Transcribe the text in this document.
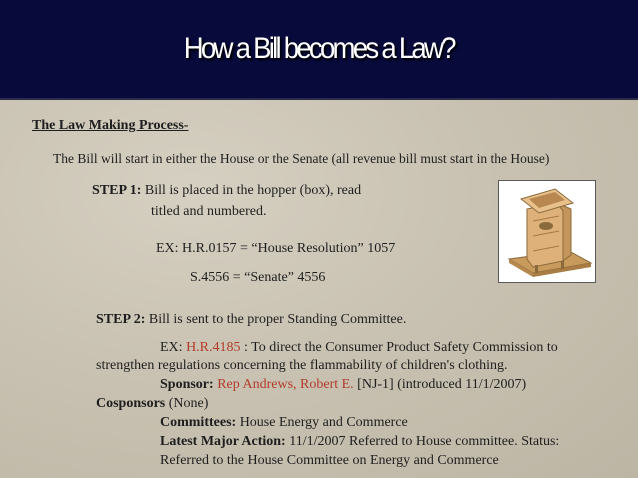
How a Bill becomes a Law?
The Law Making Process-
The Bill will start in either the House or the Senate (all revenue bill must start in the House)
STEP 1: Bill is placed in the hopper (box), read
titled and numbered.
EX: H.R.0157 = “House Resolution” 1057
S.4556 = “Senate” 4556
STEP 2: Bill is sent to the proper Standing Committee.
EX: H.R.4185 : To direct the Consumer Product Safety Commission to
strengthen regulations concerning the flammability of children's clothing.
Sponsor: Rep Andrews, Robert E. [NJ-1] (introduced 11/1/2007)
Cosponsors (None)
Committees: House Energy and Commerce
Latest Major Action: 11/1/2007 Referred to House committee. Status:
Referred to the House Committee on Energy and Commerce
